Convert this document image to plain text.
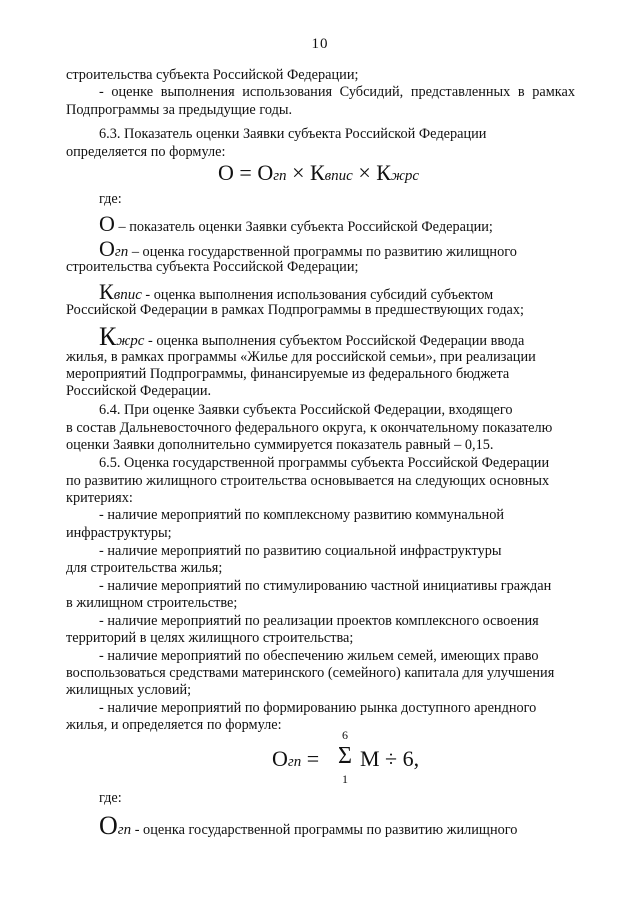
10
строительства субъекта Российской Федерации;
- оценке выполнения использования Субсидий, представленных в рамках
Подпрограммы за предыдущие годы.
6.3. Показатель оценки Заявки субъекта Российской Федерации
определяется по формуле:
О = Огп × Квпис × Кжрс
где:
О – показатель оценки Заявки субъекта Российской Федерации;
Огп – оценка государственной программы по развитию жилищного
строительства субъекта Российской Федерации;
Квпис - оценка выполнения использования субсидий субъектом
Российской Федерации в рамках Подпрограммы в предшествующих годах;
Кжрс - оценка выполнения субъектом Российской Федерации ввода
жилья, в рамках программы «Жилье для российской семьи», при реализации
мероприятий Подпрограммы, финансируемые из федерального бюджета
Российской Федерации.
6.4. При оценке Заявки субъекта Российской Федерации, входящего
в состав Дальневосточного федерального округа, к окончательному показателю
оценки Заявки дополнительно суммируется показатель равный – 0,15.
6.5. Оценка государственной программы субъекта Российской Федерации
по развитию жилищного строительства основывается на следующих основных
критериях:
- наличие мероприятий по комплексному развитию коммунальной
инфраструктуры;
- наличие мероприятий по развитию социальной инфраструктуры
для строительства жилья;
- наличие мероприятий по стимулированию частной инициативы граждан
в жилищном строительстве;
- наличие мероприятий по реализации проектов комплексного освоения
территорий в целях жилищного строительства;
- наличие мероприятий по обеспечению жильем семей, имеющих право
воспользоваться средствами материнского (семейного) капитала для улучшения
жилищных условий;
- наличие мероприятий по формированию рынка доступного арендного
жилья, и определяется по формуле:
Огп =
6
Σ
1
М ÷ 6,
где:
Огп - оценка государственной программы по развитию жилищного
